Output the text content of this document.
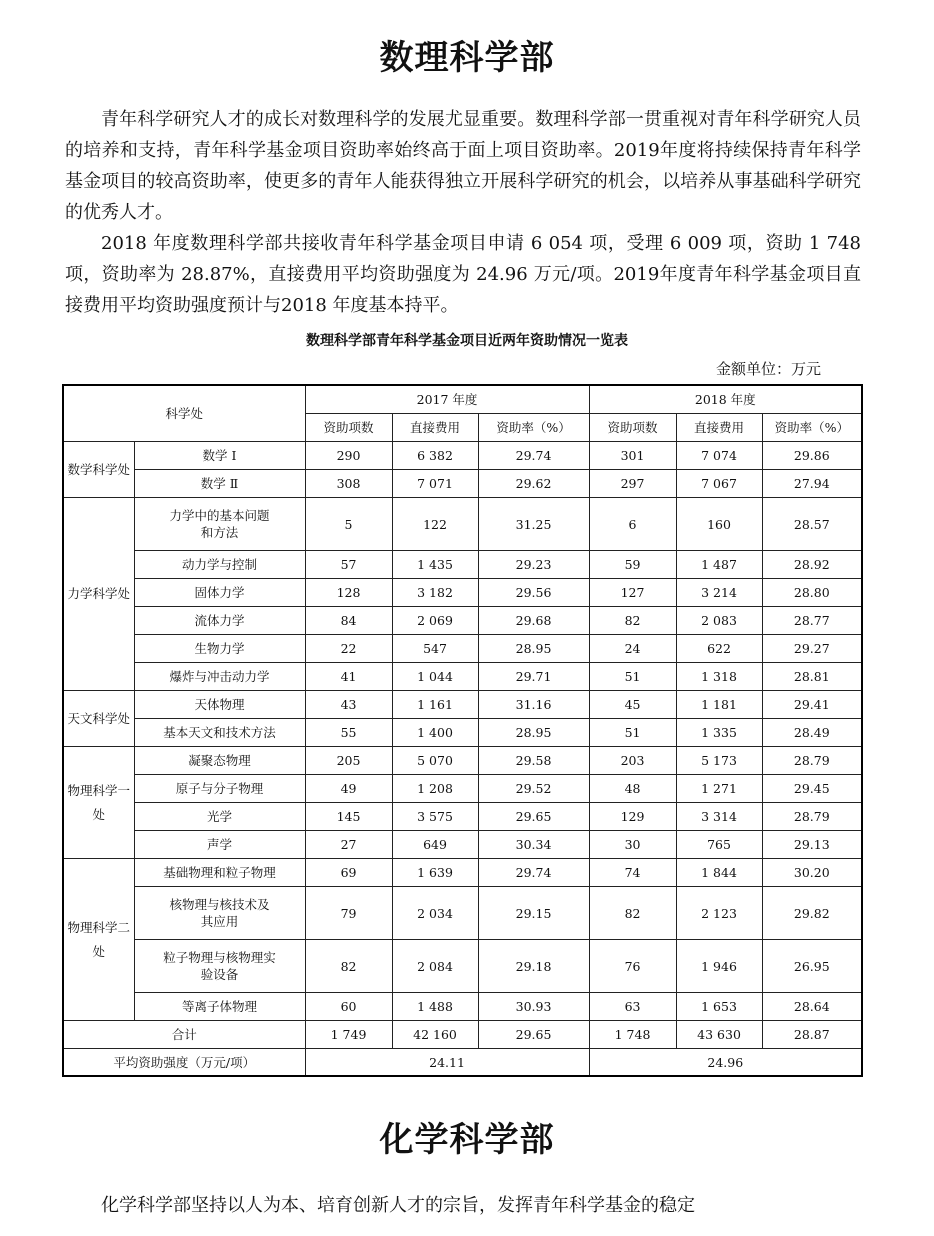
数理科学部

青年科学研究人才的成长对数理科学的发展尤显重要。数理科学部一贯重视对青年科学研究人员的培养和支持，青年科学基金项目资助率始终高于面上项目资助率。2019年度将持续保持青年科学基金项目的较高资助率，使更多的青年人能获得独立开展科学研究的机会，以培养从事基础科学研究的优秀人才。

2018 年度数理科学部共接收青年科学基金项目申请 6 054 项，受理 6 009 项，资助 1 748 项，资助率为 28.87%，直接费用平均资助强度为 24.96 万元/项。2019年度青年科学基金项目直接费用平均资助强度预计与2018 年度基本持平。

数理科学部青年科学基金项目近两年资助情况一览表
金额单位：万元
科学处		2017 年度			2018 年度		
		资助项数	直接费用	资助率（%）	资助项数	直接费用	资助率（%）
数学科学处	数学 Ⅰ	290	6 382	29.74	301	7 074	29.86
	数学 Ⅱ	308	7 071	29.62	297	7 067	27.94
力学科学处	力学中的基本问题和方法	5	122	31.25	6	160	28.57
	动力学与控制	57	1 435	29.23	59	1 487	28.92
	固体力学	128	3 182	29.56	127	3 214	28.80
	流体力学	84	2 069	29.68	82	2 083	28.77
	生物力学	22	547	28.95	24	622	29.27
	爆炸与冲击动力学	41	1 044	29.71	51	1 318	28.81
天文科学处	天体物理	43	1 161	31.16	45	1 181	29.41
	基本天文和技术方法	55	1 400	28.95	51	1 335	28.49
物理科学一处	凝聚态物理	205	5 070	29.58	203	5 173	28.79
	原子与分子物理	49	1 208	29.52	48	1 271	29.45
	光学	145	3 575	29.65	129	3 314	28.79
	声学	27	649	30.34	30	765	29.13
物理科学二处	基础物理和粒子物理	69	1 639	29.74	74	1 844	30.20
	核物理与核技术及其应用	79	2 034	29.15	82	2 123	29.82
	粒子物理与核物理实验设备	82	2 084	29.18	76	1 946	26.95
	等离子体物理	60	1 488	30.93	63	1 653	28.64
合计		1 749	42 160	29.65	1 748	43 630	28.87
平均资助强度（万元/项）		24.11			24.96		
化学科学部

化学科学部坚持以人为本、培育创新人才的宗旨，发挥青年科学基金的稳定
